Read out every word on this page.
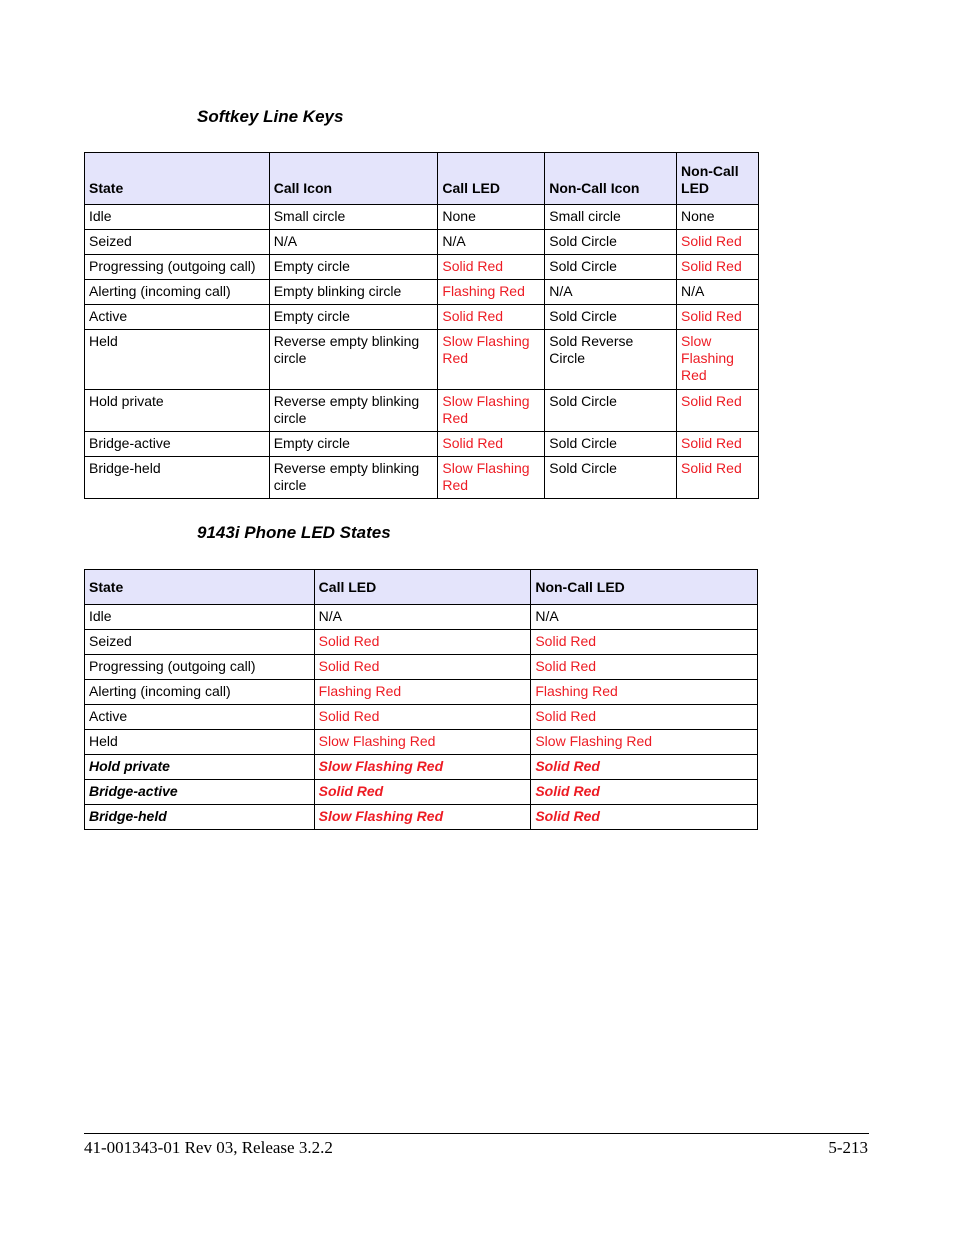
Softkey Line Keys
State	Call Icon	Call LED	Non-Call Icon	Non-Call LED
Idle	Small circle	None	Small circle	None
Seized	N/A	N/A	Sold Circle	Solid Red
Progressing (outgoing call)	Empty circle	Solid Red	Sold Circle	Solid Red
Alerting (incoming call)	Empty blinking circle	Flashing Red	N/A	N/A
Active	Empty circle	Solid Red	Sold Circle	Solid Red
Held	Reverse empty blinking circle	Slow Flashing Red	Sold Reverse Circle	Slow Flashing Red
Hold private	Reverse empty blinking circle	Slow Flashing Red	Sold Circle	Solid Red
Bridge-active	Empty circle	Solid Red	Sold Circle	Solid Red
Bridge-held	Reverse empty blinking circle	Slow Flashing Red	Sold Circle	Solid Red
9143i Phone LED States
State	Call LED	Non-Call LED
Idle	N/A	N/A
Seized	Solid Red	Solid Red
Progressing (outgoing call)	Solid Red	Solid Red
Alerting (incoming call)	Flashing Red	Flashing Red
Active	Solid Red	Solid Red
Held	Slow Flashing Red	Slow Flashing Red
Hold private	Slow Flashing Red	Solid Red
Bridge-active	Solid Red	Solid Red
Bridge-held	Slow Flashing Red	Solid Red
41-001343-01 Rev 03, Release 3.2.2	5-213
